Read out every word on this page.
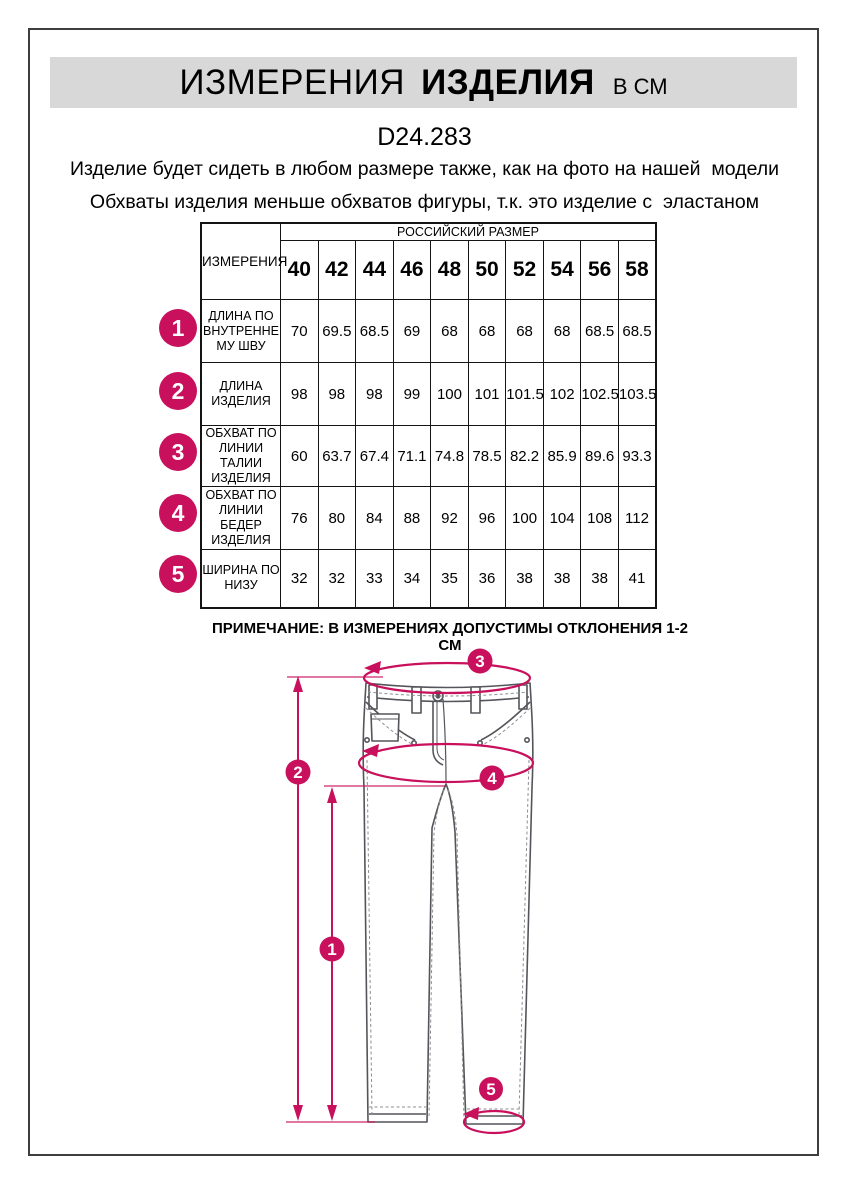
ИЗМЕРЕНИЯ ИЗДЕЛИЯ В СМ
D24.283
Изделие будет сидеть в любом размере также, как на фото на нашей  модели
Обхваты изделия меньше обхватов фигуры, т.к. это изделие с  эластаном
ИЗМЕРЕНИЯ	РОССИЙСКИЙ РАЗМЕР									
	40	42	44	46	48	50	52	54	56	58
ДЛИНА ПО ВНУТРЕННЕ МУ ШВУ	70	69.5	68.5	69	68	68	68	68	68.5	68.5
ДЛИНА ИЗДЕЛИЯ	98	98	98	99	100	101	101.5	102	102.5	103.5
ОБХВАТ ПО ЛИНИИ ТАЛИИ ИЗДЕЛИЯ	60	63.7	67.4	71.1	74.8	78.5	82.2	85.9	89.6	93.3
ОБХВАТ ПО ЛИНИИ БЕДЕР ИЗДЕЛИЯ	76	80	84	88	92	96	100	104	108	112
ШИРИНА ПО НИЗУ	32	32	33	34	35	36	38	38	38	41
1
2
3
4
5
ПРИМЕЧАНИЕ: В ИЗМЕРЕНИЯХ ДОПУСТИМЫ ОТКЛОНЕНИЯ 1-2 СМ
1
2
3
4
5
